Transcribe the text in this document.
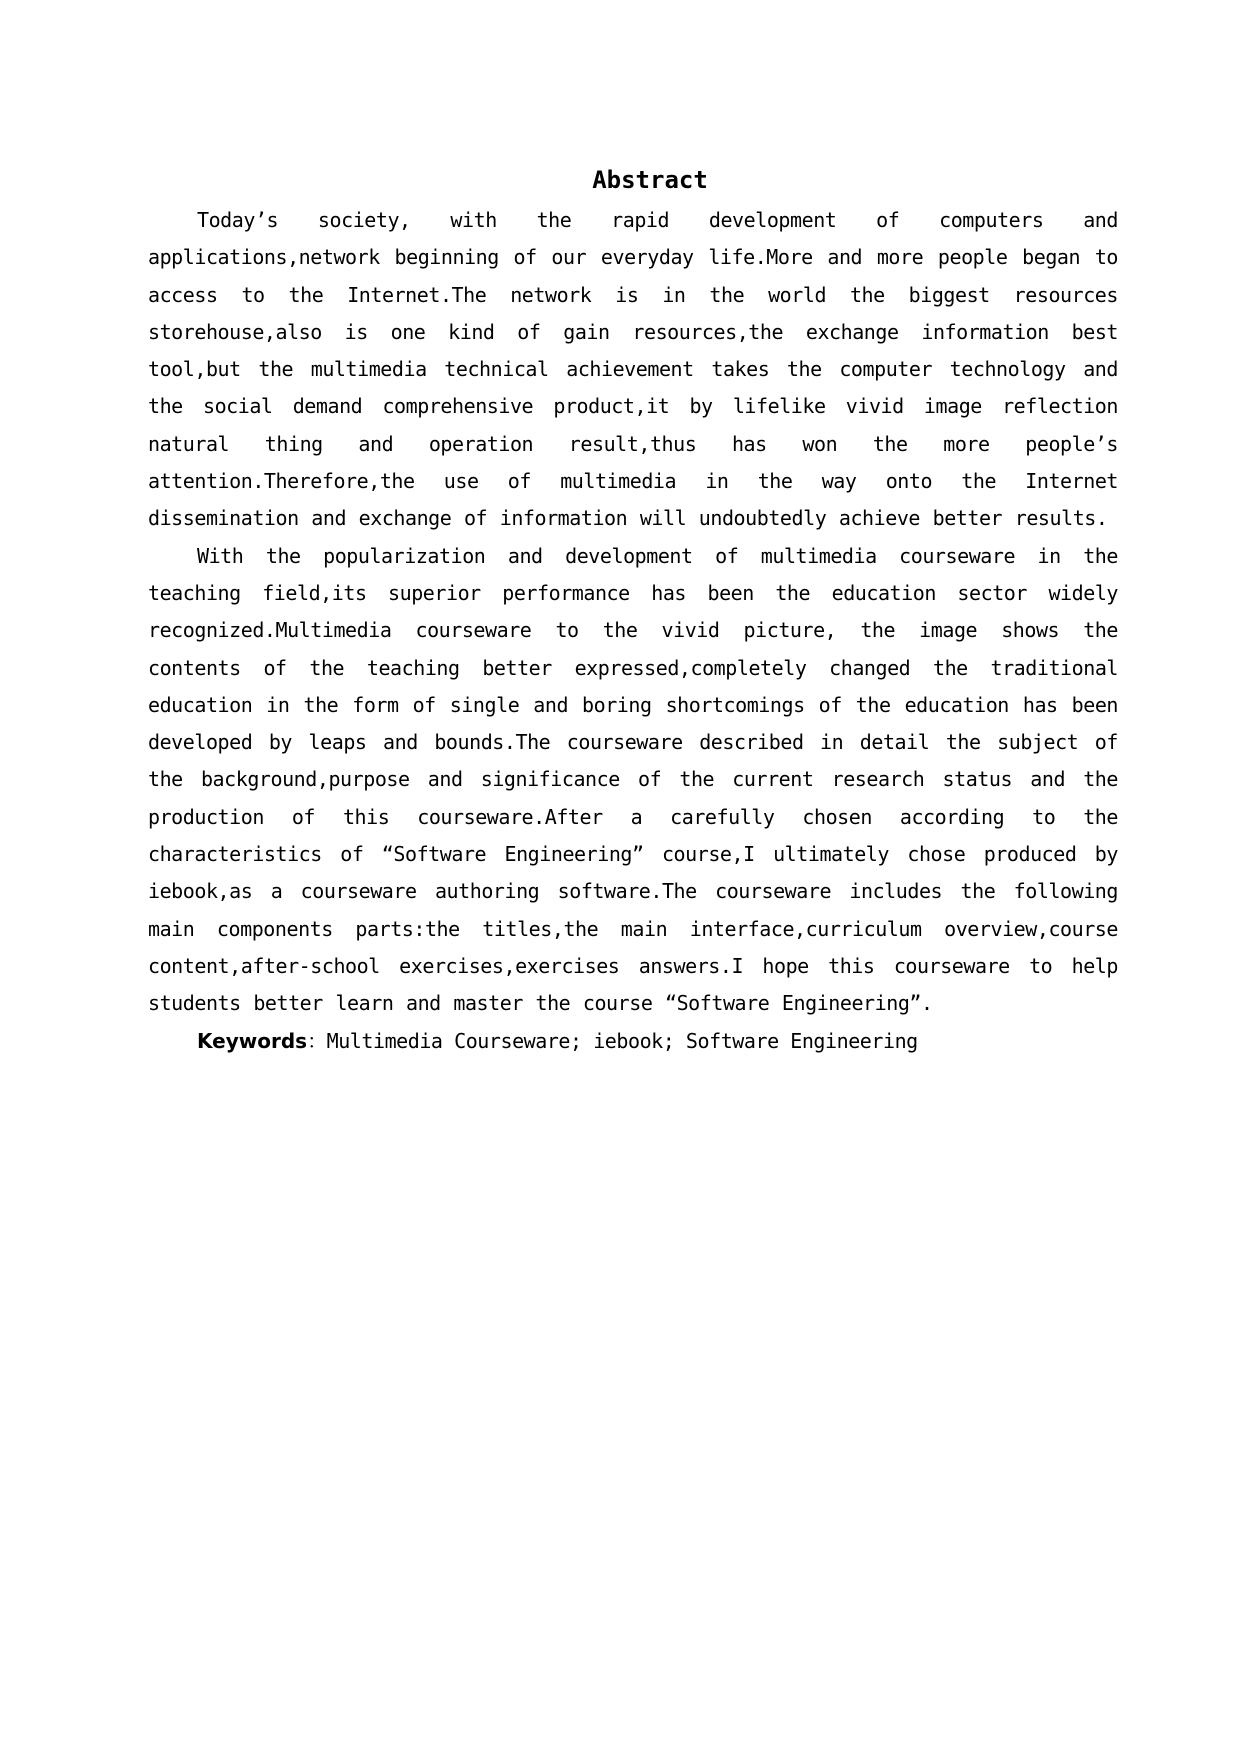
Abstract

Today’s society, with the rapid development of computers and applications,network beginning of our everyday life.More and more people began to access to the Internet.The network is in the world the biggest resources storehouse,also is one kind of gain resources,the exchange information best tool,but the multimedia technical achievement takes the computer technology and the social demand comprehensive product,it by lifelike vivid image reflection natural thing and operation result,thus has won the more people’s attention.Therefore,the use of multimedia in the way onto the Internet dissemination and exchange of information will undoubtedly achieve better results.

With the popularization and development of multimedia courseware in the teaching field,its superior performance has been the education sector widely recognized.Multimedia courseware to the vivid picture, the image shows the contents of the teaching better expressed,completely changed the traditional education in the form of single and boring shortcomings of the education has been developed by leaps and bounds.The courseware described in detail the subject of the background,purpose and significance of the current research status and the production of this courseware.After a carefully chosen according to the characteristics of “Software Engineering” course,I ultimately chose produced by iebook,as a courseware authoring software.The courseware includes the following main components parts:the titles,the main interface,curriculum overview,course content,after-school exercises,exercises answers.I hope this courseware to help students better learn and master the course “Software Engineering”.

Keywords：Multimedia Courseware; iebook; Software Engineering
